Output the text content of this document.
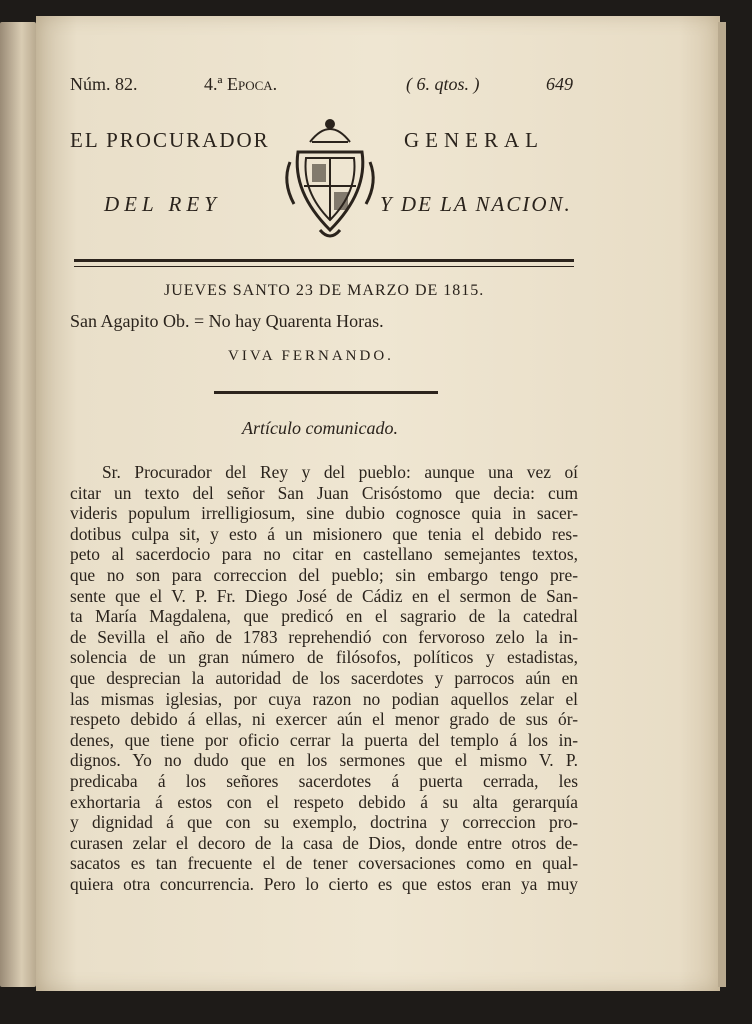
Núm. 82.	4.ª Epoca.	( 6. qtos. )	649
EL PROCURADOR	GENERAL
DEL REY	Y DE LA NACION.
JUEVES SANTO 23 DE MARZO DE 1815.
San Agapito Ob. = No hay Quarenta Horas.
VIVA FERNANDO.
Artículo comunicado.

Sr. Procurador del Rey y del pueblo: aunque una vez oí

citar un texto del señor San Juan Crisóstomo que decia: cum

videris populum irrelligiosum, sine dubio cognosce quia in sacer-

dotibus culpa sit, y esto á un misionero que tenia el debido res-

peto al sacerdocio para no citar en castellano semejantes textos,

que no son para correccion del pueblo; sin embargo tengo pre-

sente que el V. P. Fr. Diego José de Cádiz en el sermon de San-

ta María Magdalena, que predicó en el sagrario de la catedral

de Sevilla el año de 1783 reprehendió con fervoroso zelo la in-

solencia de un gran número de filósofos, políticos y estadistas,

que desprecian la autoridad de los sacerdotes y parrocos aún en

las mismas iglesias, por cuya razon no podian aquellos zelar el

respeto debido á ellas, ni exercer aún el menor grado de sus ór-

denes, que tiene por oficio cerrar la puerta del templo á los in-

dignos. Yo no dudo que en los sermones que el mismo V. P.

predicaba á los señores sacerdotes á puerta cerrada, les

exhortaria á estos con el respeto debido á su alta gerarquía

y dignidad á que con su exemplo, doctrina y correccion pro-

curasen zelar el decoro de la casa de Dios, donde entre otros de-

sacatos es tan frecuente el de tener coversaciones como en qual-

quiera otra concurrencia. Pero lo cierto es que estos eran ya muy
